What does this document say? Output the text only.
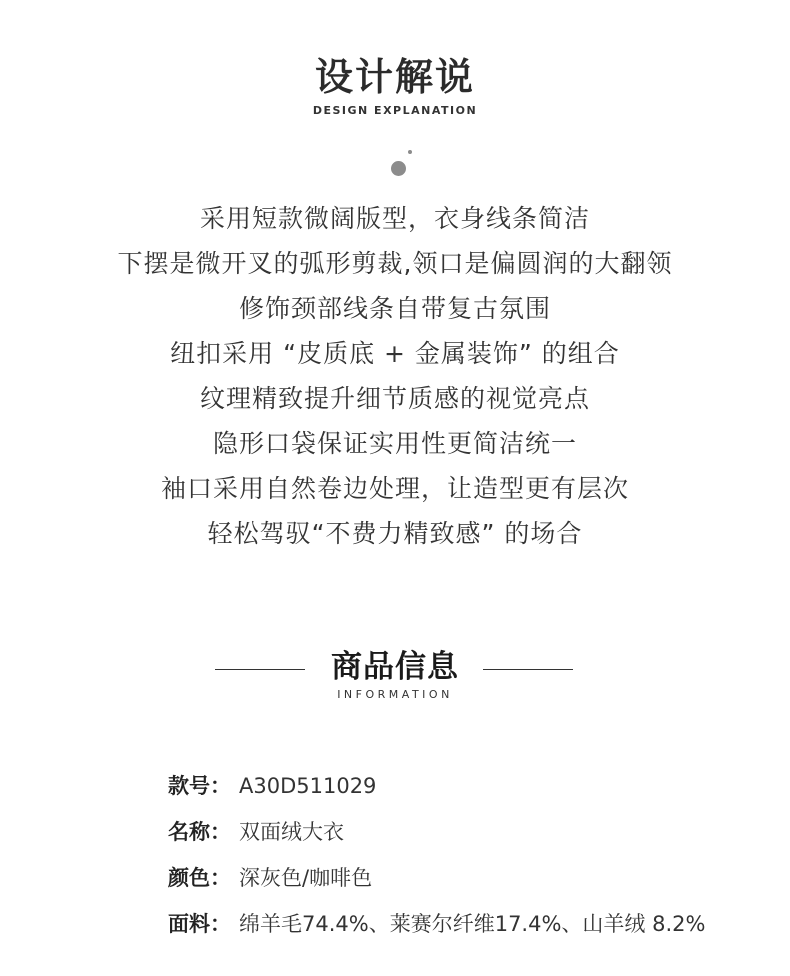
设计解说
DESIGN EXPLANATION
采用短款微阔版型，衣身线条简洁
下摆是微开叉的弧形剪裁,领口是偏圆润的大翻领
修饰颈部线条自带复古氛围
纽扣采用 “皮质底 + 金属装饰” 的组合
纹理精致提升细节质感的视觉亮点
隐形口袋保证实用性更简洁统一
袖口采用自然卷边处理，让造型更有层次
轻松驾驭“不费力精致感” 的场合
商品信息
INFORMATION
款号： A30D511029
名称： 双面绒大衣
颜色： 深灰色/咖啡色
面料： 绵羊毛74.4%、莱赛尔纤维17.4%、山羊绒 8.2%
